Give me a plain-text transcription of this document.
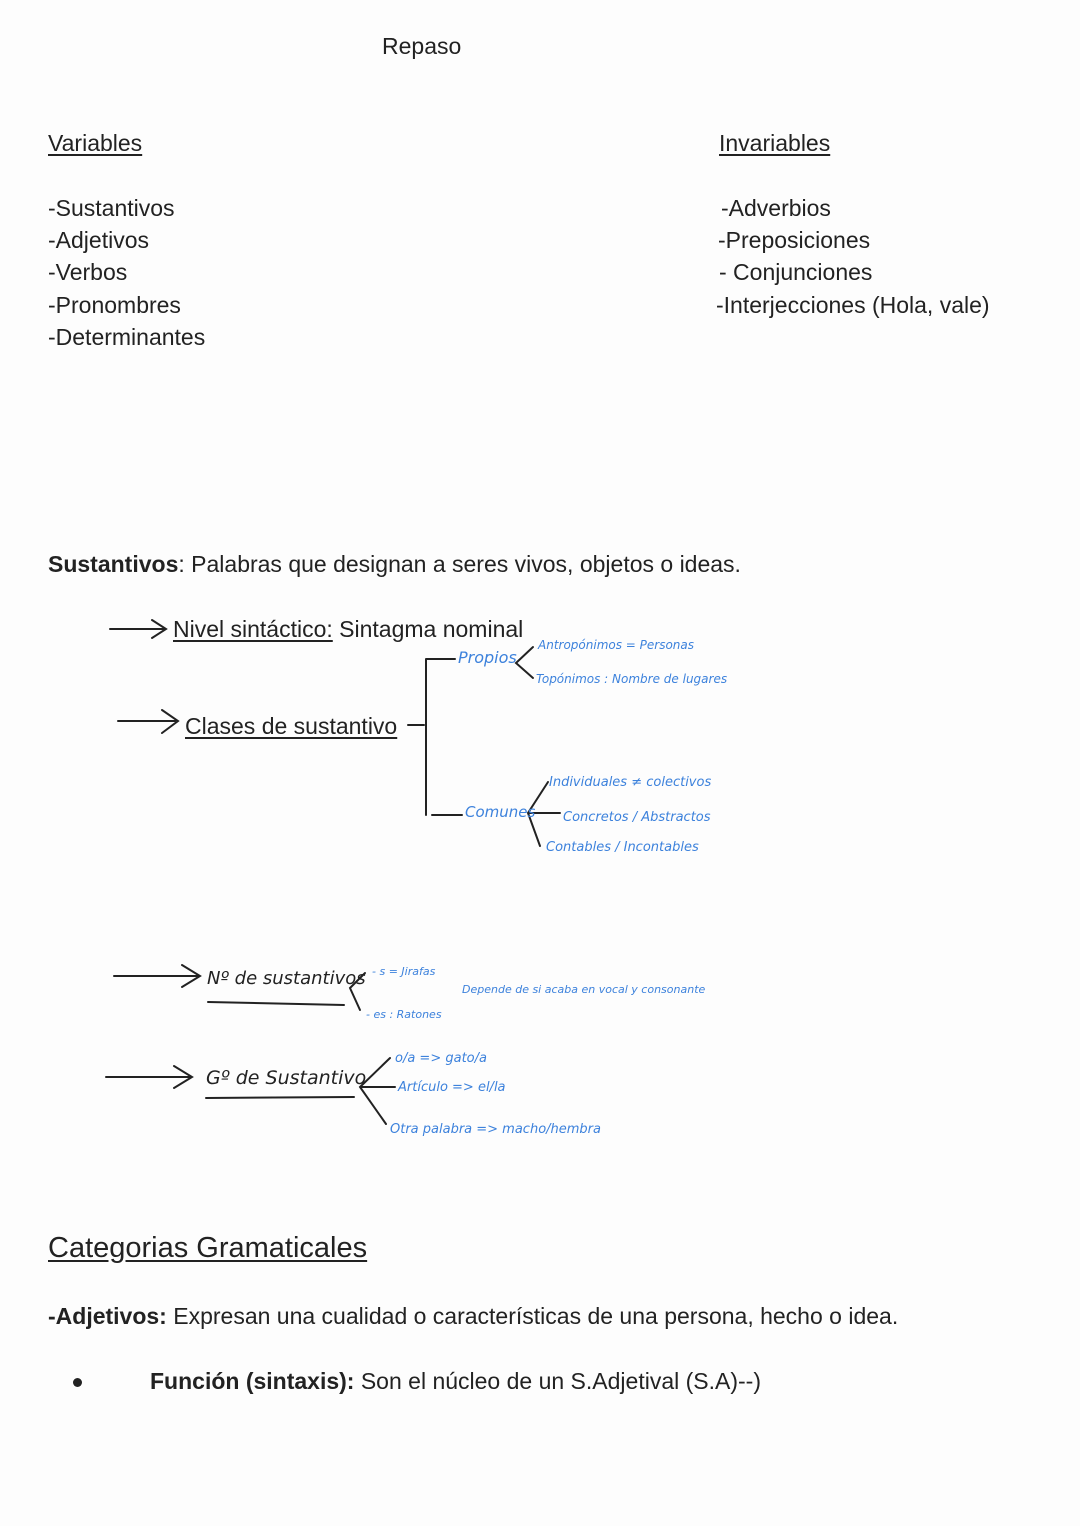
Repaso
Variables
-Sustantivos
-Adjetivos
-Verbos
-Pronombres
-Determinantes
Invariables
-Adverbios
-Preposiciones
- Conjunciones
-Interjecciones (Hola, vale)
Sustantivos: Palabras que designan a seres vivos, objetos o ideas.
Nivel sintáctico: Sintagma nominal
Clases de sustantivo
Propios
Antropónimos = Personas
Topónimos : Nombre de lugares
Comunes
Individuales ≠ colectivos
Concretos / Abstractos
Contables / Incontables
Nº de sustantivos - s = Jirafas
- es : Ratones
Depende de si acaba en vocal y consonante
Gº de Sustantivo
o/a => gato/a
Artículo => el/la
Otra palabra => macho/hembra
Categorias Gramaticales
-Adjetivos: Expresan una cualidad o características de una persona, hecho o idea.
Función (sintaxis): Son el núcleo de un S.Adjetival (S.A)--)
